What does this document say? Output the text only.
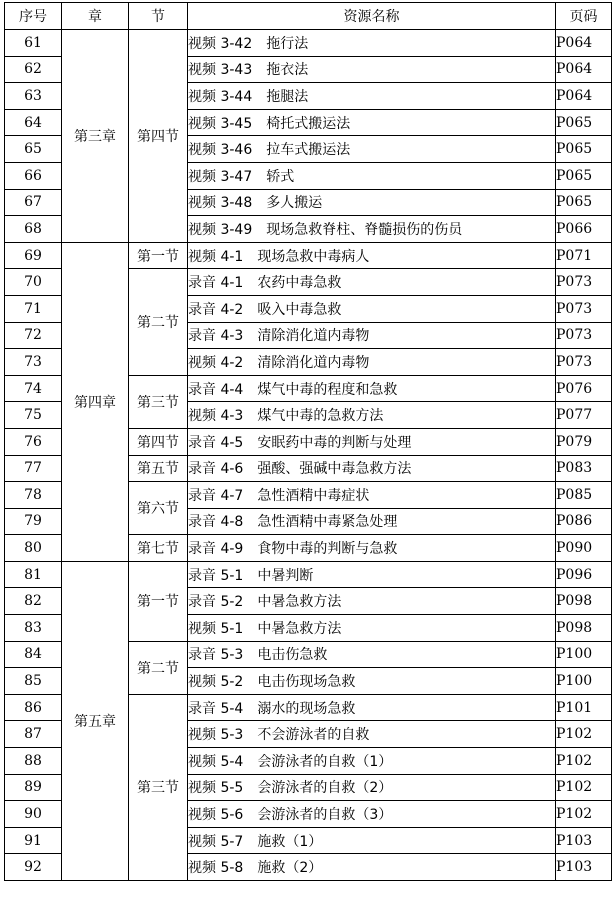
序号	章	节	资源名称	页码
61	第三章	第四节	视频 3-42　拖行法	P064
62			视频 3-43　拖衣法	P064
63			视频 3-44　拖腿法	P064
64			视频 3-45　椅托式搬运法	P065
65			视频 3-46　拉车式搬运法	P065
66			视频 3-47　轿式	P065
67			视频 3-48　多人搬运	P065
68			视频 3-49　现场急救脊柱、脊髓损伤的伤员	P066
69	第四章	第一节	视频 4-1　现场急救中毒病人	P071
70		第二节	录音 4-1　农药中毒急救	P073
71			录音 4-2　吸入中毒急救	P073
72			录音 4-3　清除消化道内毒物	P073
73			视频 4-2　清除消化道内毒物	P073
74		第三节	录音 4-4　煤气中毒的程度和急救	P076
75			视频 4-3　煤气中毒的急救方法	P077
76		第四节	录音 4-5　安眠药中毒的判断与处理	P079
77		第五节	录音 4-6　强酸、强碱中毒急救方法	P083
78		第六节	录音 4-7　急性酒精中毒症状	P085
79			录音 4-8　急性酒精中毒紧急处理	P086
80		第七节	录音 4-9　食物中毒的判断与急救	P090
81	第五章	第一节	录音 5-1　中暑判断	P096
82			录音 5-2　中暑急救方法	P098
83			视频 5-1　中暑急救方法	P098
84		第二节	录音 5-3　电击伤急救	P100
85			视频 5-2　电击伤现场急救	P100
86		第三节	录音 5-4　溺水的现场急救	P101
87			视频 5-3　不会游泳者的自救	P102
88			视频 5-4　会游泳者的自救（1）	P102
89			视频 5-5　会游泳者的自救（2）	P102
90			视频 5-6　会游泳者的自救（3）	P102
91			视频 5-7　施救（1）	P103
92			视频 5-8　施救（2）	P103
